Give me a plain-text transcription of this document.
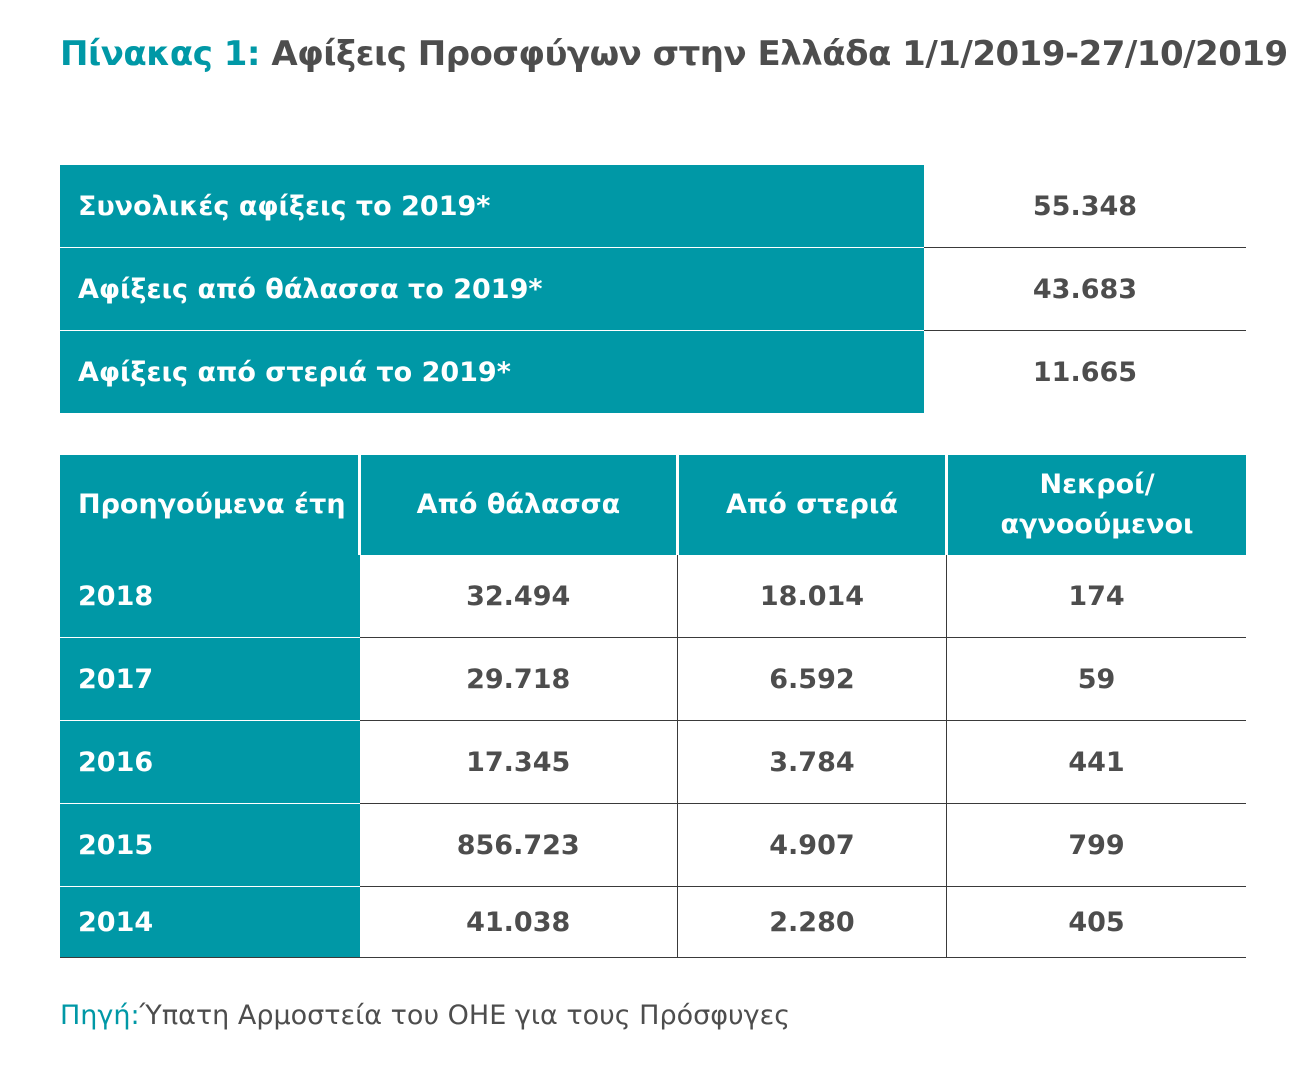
Πίνακας 1: Αφίξεις Προσφύγων στην Ελλάδα 1/1/2019-27/10/2019
Συνολικές αφίξεις το 2019*	55.348
Αφίξεις από θάλασσα το 2019*	43.683
Αφίξεις από στεριά το 2019*	11.665
Προηγούμενα έτη	Από θάλασσα	Από στεριά	Νεκροί/
αγνοούμενοι
2018	32.494	18.014	174
2017	29.718	6.592	59
2016	17.345	3.784	441
2015	856.723	4.907	799
2014	41.038	2.280	405
Πηγή:Ύπατη Αρμοστεία του ΟΗΕ για τους Πρόσφυγες
